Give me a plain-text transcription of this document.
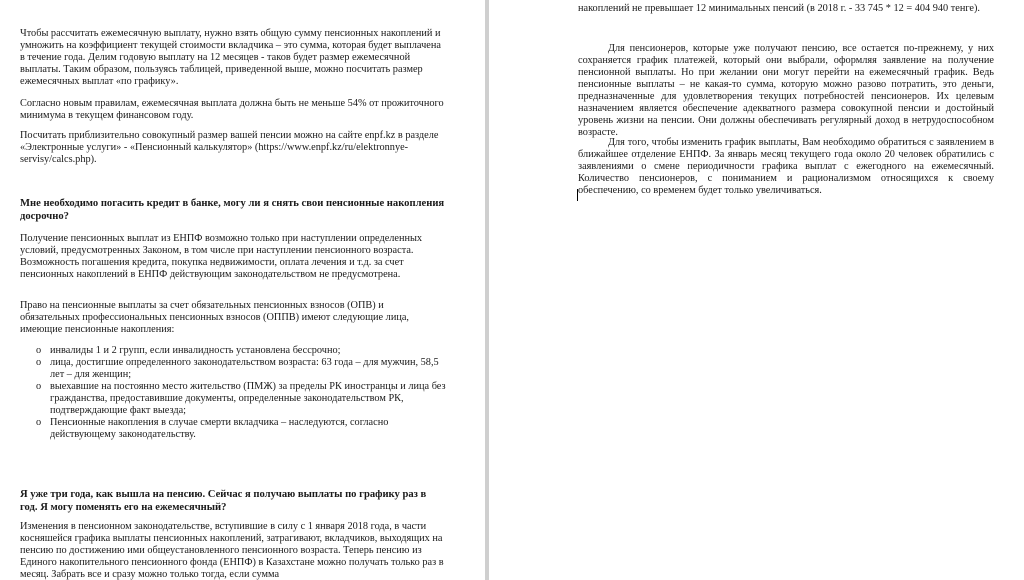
Чтобы рассчитать ежемесячную выплату, нужно взять общую сумму пенсионных накоплений и умножить на коэффициент текущей стоимости вкладчика – это сумма, которая будет выплачена в течение года. Делим годовую выплату на 12 месяцев - таков будет размер ежемесячной выплаты. Таким образом, пользуясь таблицей, приведенной выше, можно посчитать размер ежемесячных выплат «по графику».

Согласно новым правилам, ежемесячная выплата должна быть не меньше 54% от прожиточного минимума в текущем финансовом году.

Посчитать приблизительно совокупный размер вашей пенсии можно на сайте enpf.kz в разделе «Электронные услуги» - «Пенсионный калькулятор» (https://www.enpf.kz/ru/elektronnye-servisy/calcs.php).

Мне необходимо погасить кредит в банке, могу ли я снять свои пенсионные накопления досрочно?

Получение пенсионных выплат из ЕНПФ возможно только при наступлении определенных условий, предусмотренных Законом, в том числе при наступлении пенсионного возраста. Возможность погашения кредита, покупка недвижимости, оплата лечения и т.д. за счет пенсионных накоплений в ЕНПФ действующим законодательством не предусмотрена.

Право на пенсионные выплаты за счет обязательных пенсионных взносов (ОПВ) и обязательных профессиональных пенсионных взносов (ОППВ) имеют следующие лица, имеющие пенсионные накопления:

o инвалиды 1 и 2 групп, если инвалидность установлена бессрочно;
o лица, достигшие определенного законодательством возраста: 63 года – для мужчин, 58,5 лет – для женщин;
o выехавшие на постоянно место жительство (ПМЖ) за пределы РК иностранцы и лица без гражданства, предоставившие документы, определенные законодательством РК, подтверждающие факт выезда;
o Пенсионные накопления в случае смерти вкладчика – наследуются, согласно действующему законодательству.

Я уже три года, как вышла на пенсию. Сейчас я получаю выплаты по графику раз в год. Я могу поменять его на ежемесячный?

Изменения в пенсионном законодательстве, вступившие в силу с 1 января 2018 года, в части косняшейся графика выплаты пенсионных накоплений, затрагивают, вкладчиков, выходящих на пенсию по достижению ими общеустановленного пенсионного возраста. Теперь пенсию из Единого накопительного пенсионного фонда (ЕНПФ) в Казахстане можно получать только раз в месяц. Забрать все и сразу можно только тогда, если сумма

накоплений не превышает 12 минимальных пенсий (в 2018 г. - 33 745 * 12 = 404 940 тенге).

Для пенсионеров, которые уже получают пенсию, все остается по-прежнему, у них сохраняется график платежей, который они выбрали, оформляя заявление на получение пенсионной выплаты. Но при желании они могут перейти на ежемесячный график. Ведь пенсионные выплаты – не какая-то сумма, которую можно разово потратить, это деньги, предназначенные для удовлетворения текущих потребностей пенсионеров. Их целевым назначением является обеспечение адекватного размера совокупной пенсии и достойный уровень жизни на пенсии. Они должны обеспечивать регулярный доход в нетрудоспособном возрасте.

Для того, чтобы изменить график выплаты, Вам необходимо обратиться с заявлением в ближайшее отделение ЕНПФ. За январь месяц текущего года около 20 человек обратились с заявлениями о смене периодичности графика выплат с ежегодного на ежемесячный. Количество пенсионеров, с пониманием и рационализмом относящихся к своему обеспечению, со временем будет только увеличиваться.
